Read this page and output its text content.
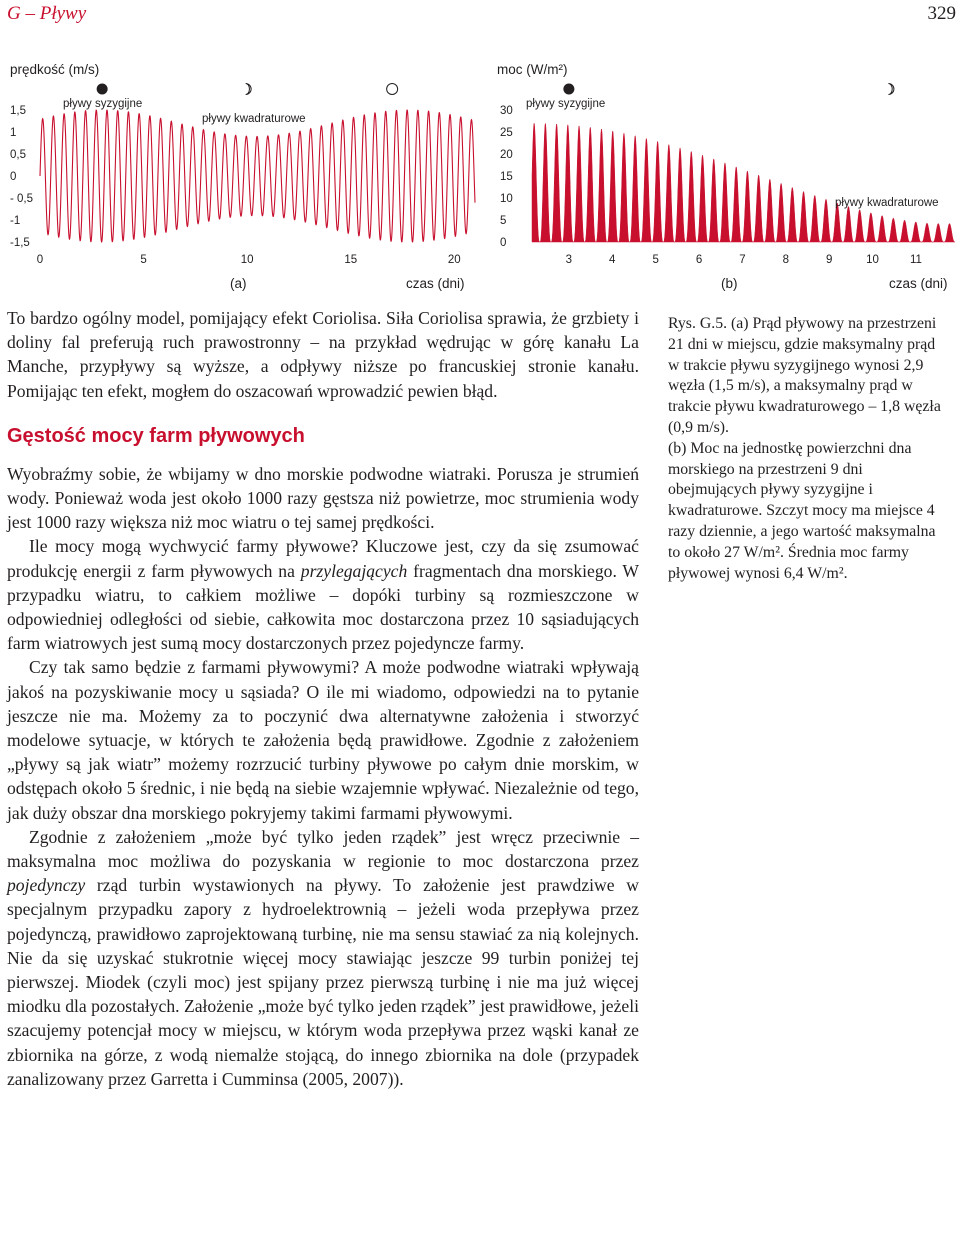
G – Pływy	329
prędkość (m/s)
1,5
1
0,5
0
- 0,5
-1
-1,5
0	5	10	15	20
pływy syzygijne
pływy kwadraturowe
(a)	czas (dni)
moc (W/m²)
30
25
20
15
10
5
0
3	4	5	6	7	8	9	10	11
pływy syzygijne
pływy kwadraturowe
(b)	czas (dni)

To bardzo ogólny model, pomijający efekt Coriolisa. Siła Coriolisa sprawia, że grzbiety i doliny fal preferują ruch prawostronny – na przykład wędrując w górę kanału La Manche, przypływy są wyższe, a odpływy niższe po francuskiej stronie kanału. Pomijając ten efekt, mogłem do oszacowań wprowadzić pewien błąd.

Gęstość mocy farm pływowych

Wyobraźmy sobie, że wbijamy w dno morskie podwodne wiatraki. Porusza je strumień wody. Ponieważ woda jest około 1000 razy gęstsza niż powietrze, moc strumienia wody jest 1000 razy większa niż moc wiatru o tej samej prędkości.

Ile mocy mogą wychwycić farmy pływowe? Kluczowe jest, czy da się zsumować produkcję energii z farm pływowych na przylegających fragmentach dna morskiego. W przypadku wiatru, to całkiem możliwe – dopóki turbiny są rozmieszczone w odpowiedniej odległości od siebie, całkowita moc dostarczona przez 10 sąsiadujących farm wiatrowych jest sumą mocy dostarczonych przez pojedyncze farmy.

Czy tak samo będzie z farmami pływowymi? A może podwodne wiatraki wpływają jakoś na pozyskiwanie mocy u sąsiada? O ile mi wiadomo, odpowiedzi na to pytanie jeszcze nie ma. Możemy za to poczynić dwa alternatywne założenia i stworzyć modelowe sytuacje, w których te założenia będą prawidłowe. Zgodnie z założeniem „pływy są jak wiatr” możemy rozrzucić turbiny pływowe po całym dnie morskim, w odstępach około 5 średnic, i nie będą na siebie wzajemnie wpływać. Niezależnie od tego, jak duży obszar dna morskiego pokryjemy takimi farmami pływowymi.

Zgodnie z założeniem „może być tylko jeden rządek” jest wręcz przeciwnie – maksymalna moc możliwa do pozyskania w regionie to moc dostarczona przez pojedynczy rząd turbin wystawionych na pływy. To założenie jest prawdziwe w specjalnym przypadku zapory z hydroelektrownią – jeżeli woda przepływa przez pojedynczą, prawidłowo zaprojektowaną turbinę, nie ma sensu stawiać za nią kolejnych. Nie da się uzyskać stukrotnie więcej mocy stawiając jeszcze 99 turbin poniżej tej pierwszej. Miodek (czyli moc) jest spijany przez pierwszą turbinę i nie ma już więcej miodku dla pozostałych. Założenie „może być tylko jeden rządek” jest prawidłowe, jeżeli szacujemy potencjał mocy w miejscu, w którym woda przepływa przez wąski kanał ze zbiornika na górze, z wodą niemalże stojącą, do innego zbiornika na dole (przypadek zanalizowany przez Garretta i Cumminsa (2005, 2007)).

Rys. G.5. (a) Prąd pływowy na przestrzeni 21 dni w miejscu, gdzie maksymalny prąd w trakcie pływu syzygijnego wynosi 2,9 węzła (1,5 m/s), a maksymalny prąd w trakcie pływu kwadraturowego – 1,8 węzła (0,9 m/s).

(b) Moc na jednostkę powierzchni dna morskiego na przestrzeni 9 dni obejmujących pływy syzygijne i kwadraturowe. Szczyt mocy ma miejsce 4 razy dziennie, a jego wartość maksymalna to około 27 W/m². Średnia moc farmy pływowej wynosi 6,4 W/m².
